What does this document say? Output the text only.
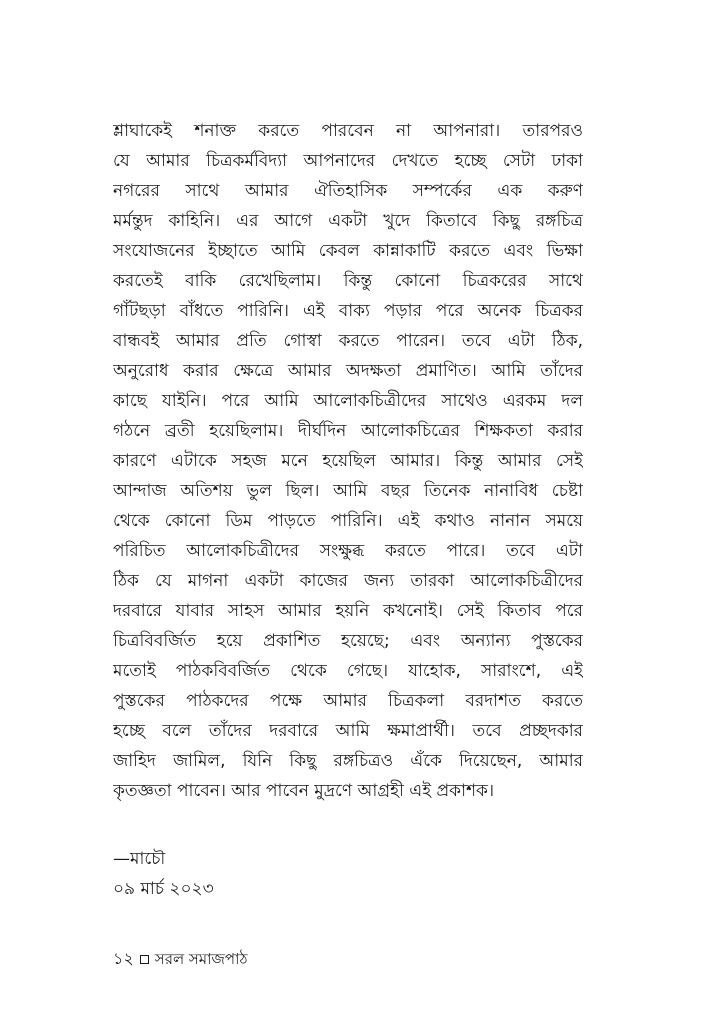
শ্লাঘাকেই শনাক্ত করতে পারবেন না আপনারা। তারপরও
যে আমার চিত্রকর্মবিদ্যা আপনাদের দেখতে হচ্ছে সেটা ঢাকা
নগরের সাথে আমার ঐতিহাসিক সম্পর্কের এক করুণ
মর্মন্তুদ কাহিনি। এর আগে একটা খুদে কিতাবে কিছু রঙ্গচিত্র
সংযোজনের ইচ্ছাতে আমি কেবল কান্নাকাটি করতে এবং ভিক্ষা
করতেই বাকি রেখেছিলাম। কিন্তু কোনো চিত্রকরের সাথে
গাঁটছড়া বাঁধতে পারিনি। এই বাক্য পড়ার পরে অনেক চিত্রকর
বান্ধবই আমার প্রতি গোস্বা করতে পারেন। তবে এটা ঠিক,
অনুরোধ করার ক্ষেত্রে আমার অদক্ষতা প্রমাণিত। আমি তাঁদের
কাছে যাইনি। পরে আমি আলোকচিত্রীদের সাথেও এরকম দল
গঠনে ব্রতী হয়েছিলাম। দীর্ঘদিন আলোকচিত্রের শিক্ষকতা করার
কারণে এটাকে সহজ মনে হয়েছিল আমার। কিন্তু আমার সেই
আন্দাজ অতিশয় ভুল ছিল। আমি বছর তিনেক নানাবিধ চেষ্টা
থেকে কোনো ডিম পাড়তে পারিনি। এই কথাও নানান সময়ে
পরিচিত আলোকচিত্রীদের সংক্ষুব্ধ করতে পারে। তবে এটা
ঠিক যে মাগনা একটা কাজের জন্য তারকা আলোকচিত্রীদের
দরবারে যাবার সাহস আমার হয়নি কখনোই। সেই কিতাব পরে
চিত্রবিবর্জিত হয়ে প্রকাশিত হয়েছে; এবং অন্যান্য পুস্তকের
মতোই পাঠকবিবর্জিত থেকে গেছে। যাহোক, সারাংশে, এই
পুস্তকের পাঠকদের পক্ষে আমার চিত্রকলা বরদাশত করতে
হচ্ছে বলে তাঁদের দরবারে আমি ক্ষমাপ্রার্থী। তবে প্রচ্ছদকার
জাহিদ জামিল, যিনি কিছু রঙ্গচিত্রও এঁকে দিয়েছেন, আমার
কৃতজ্ঞতা পাবেন। আর পাবেন মুদ্রণে আগ্রহী এই প্রকাশক।
—মাচৌ
০৯ মার্চ ২০২৩
১২ সরল সমাজপাঠ
